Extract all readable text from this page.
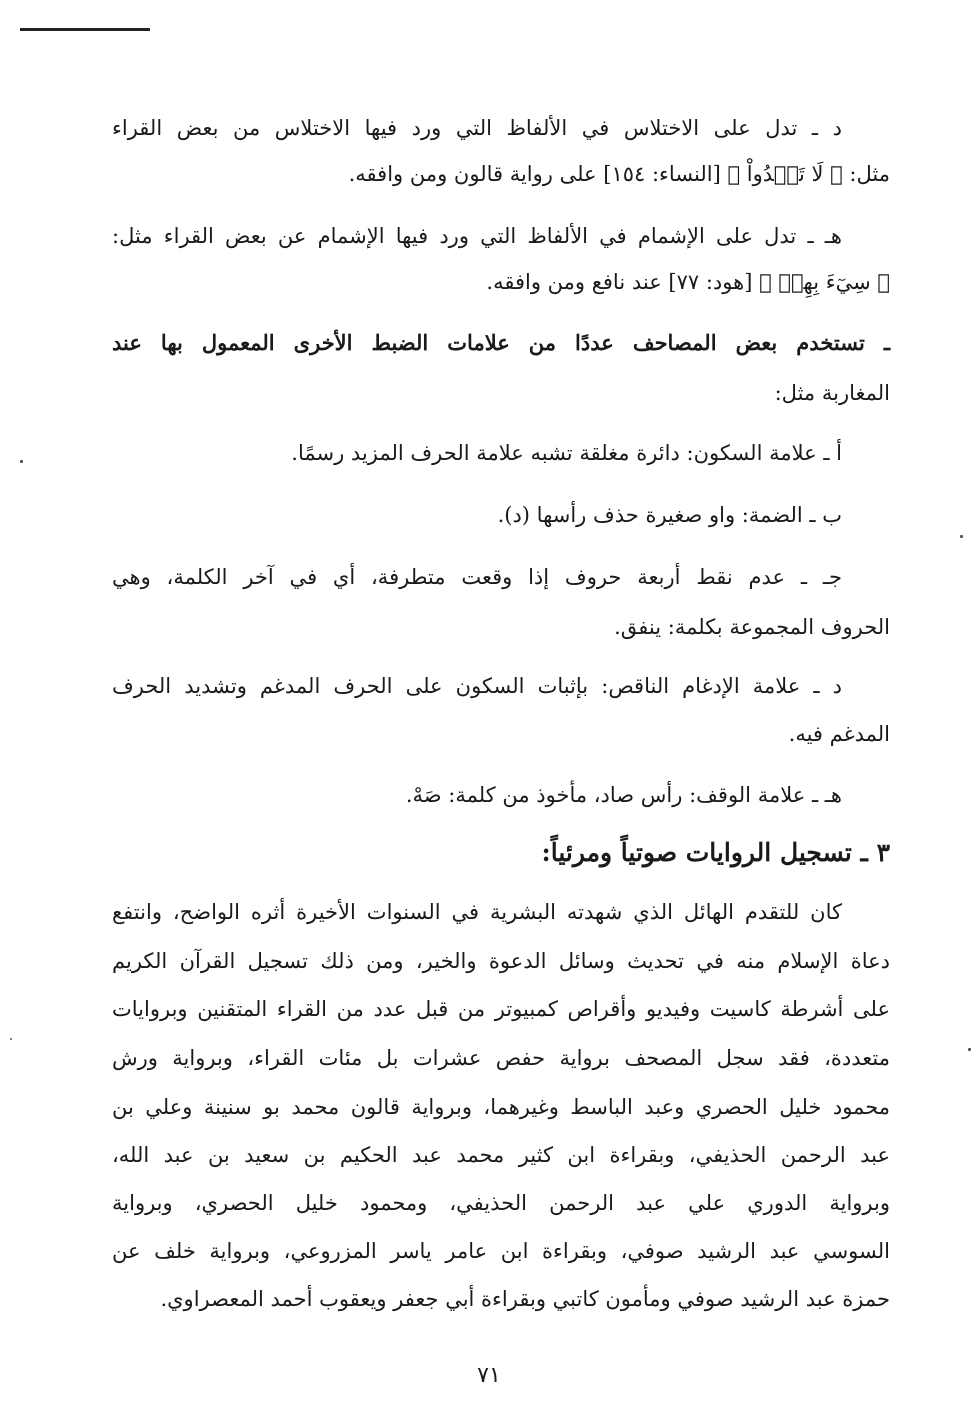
د ـ تدل على الاختلاس في الألفاظ التي ورد فيها الاختلاس من بعض القراء
مثل: ﴿ لَا تَعۡدُواْ ﴾ [النساء: ١٥٤] على رواية قالون ومن وافقه.
هـ ـ تدل على الإشمام في الألفاظ التي ورد فيها الإشمام عن بعض القراء مثل:
﴿ سِيٓءَ بِهِمۡ ﴾ [هود: ٧٧] عند نافع ومن وافقه.
ـ تستخدم بعض المصاحف عددًا من علامات الضبط الأخرى المعمول بها عند
المغاربة مثل:
أ ـ علامة السكون: دائرة مغلقة تشبه علامة الحرف المزيد رسمًا.
ب ـ الضمة: واو صغيرة حذف رأسها (د).
جـ ـ عدم نقط أربعة حروف إذا وقعت متطرفة، أي في آخر الكلمة، وهي
الحروف المجموعة بكلمة: ينفق.
د ـ علامة الإدغام الناقص: بإثبات السكون على الحرف المدغم وتشديد الحرف
المدغم فيه.
هـ ـ علامة الوقف: رأس صاد، مأخوذ من كلمة: صَهْ.
٣ ـ تسجيل الروايات صوتياً ومرئياً:
كان للتقدم الهائل الذي شهدته البشرية في السنوات الأخيرة أثره الواضح، وانتفع
دعاة الإسلام منه في تحديث وسائل الدعوة والخير، ومن ذلك تسجيل القرآن الكريم
على أشرطة كاسيت وفيديو وأقراص كمبيوتر من قبل عدد من القراء المتقنين وبروايات
متعددة، فقد سجل المصحف برواية حفص عشرات بل مئات القراء، وبرواية ورش
محمود خليل الحصري وعبد الباسط وغيرهما، وبرواية قالون محمد بو سنينة وعلي بن
عبد الرحمن الحذيفي، وبقراءة ابن كثير محمد عبد الحكيم بن سعيد بن عبد الله،
وبرواية الدوري علي عبد الرحمن الحذيفي، ومحمود خليل الحصري، وبرواية
السوسي عبد الرشيد صوفي، وبقراءة ابن عامر ياسر المزروعي، وبرواية خلف عن
حمزة عبد الرشيد صوفي ومأمون كاتبي وبقراءة أبي جعفر ويعقوب أحمد المعصراوي.
٧١
